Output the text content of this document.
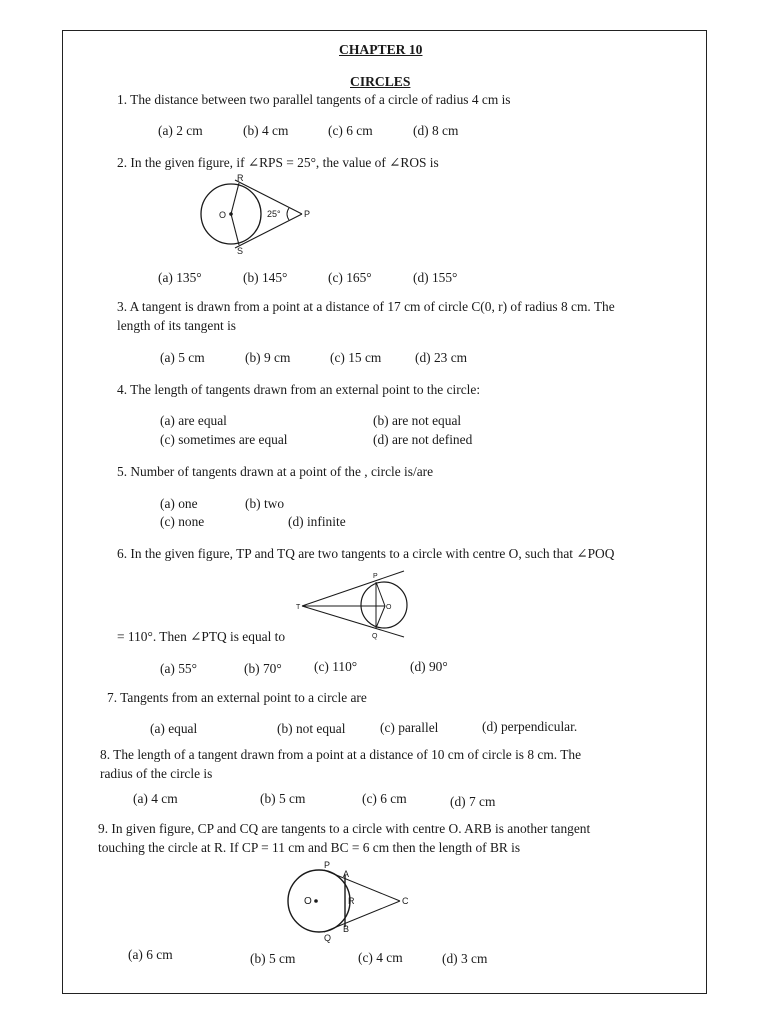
CHAPTER 10
CIRCLES
1. The distance between two parallel tangents of a circle of radius 4 cm is
(a) 2 cm	(b) 4 cm	(c) 6 cm	(d) 8 cm
2. In the given figure, if ∠RPS = 25°, the value of ∠ROS is
R
S
O	P
25°
(a) 135°	(b) 145°	(c) 165°	(d) 155°
3. A tangent is drawn from a point at a distance of 17 cm of circle C(0, r) of radius 8 cm. The
length of its tangent is
(a) 5 cm	(b) 9 cm	(c) 15 cm	(d) 23 cm
4. The length of tangents drawn from an external point to the circle:
(a) are equal	(b) are not equal
(c) sometimes are equal	(d) are not defined
5. Number of tangents drawn at a point of the , circle is/are
(a) one	(b) two
(c) none	(d) infinite
6. In the given figure, TP and TQ are two tangents to a circle with centre O, such that ∠POQ
T
P
Q
O
= 110°. Then ∠PTQ is equal to
(a) 55°	(b) 70° (c) 110°	(d) 90°
7. Tangents from an external point to a circle are
(a) equal	(b) not equal	(c) parallel	(d) perpendicular.
8. The length of a tangent drawn from a point at a distance of 10 cm of circle is 8 cm. The
radius of the circle is
(a) 4 cm	(b) 5 cm	(c) 6 cm	(d) 7 cm
9. In given figure, CP and CQ are tangents to a circle with centre O. ARB is another tangent
touching the circle at R. If CP = 11 cm and BC = 6 cm then the length of BR is
P
A
O	R	C
Q
B
(a) 6 cm	(b) 5 cm	(c) 4 cm	(d) 3 cm
